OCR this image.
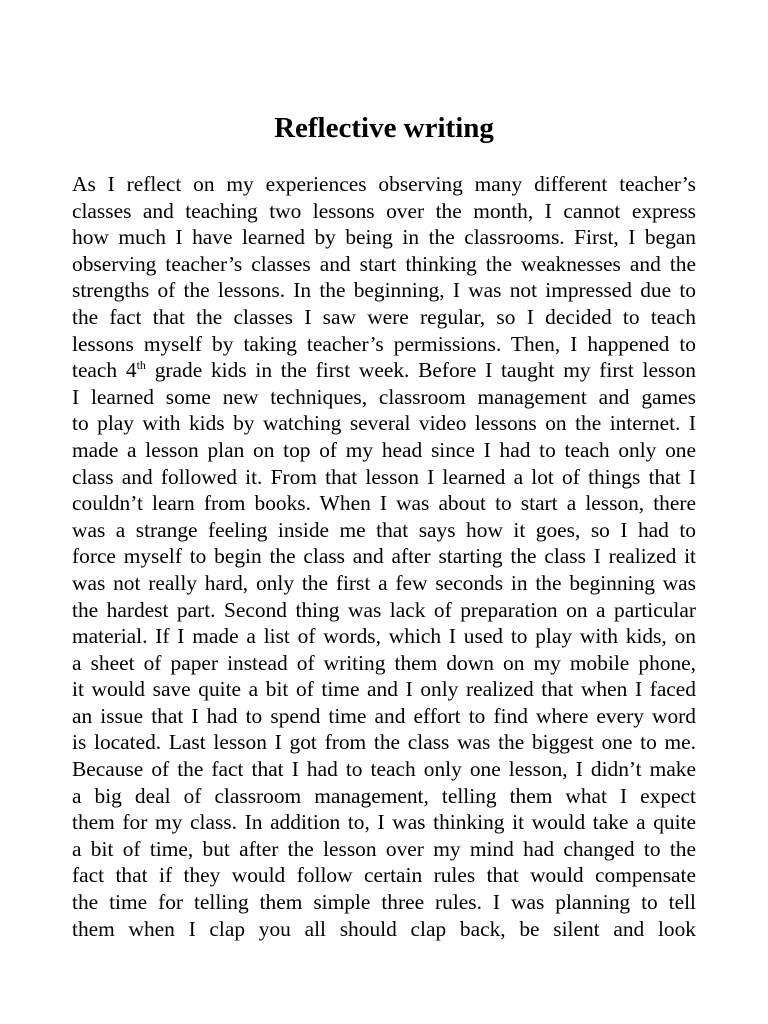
Reflective writing
As I reflect on my experiences observing many different teacher’s
classes and teaching two lessons over the month, I cannot express
how much I have learned by being in the classrooms. First, I began
observing teacher’s classes and start thinking the weaknesses and the
strengths of the lessons. In the beginning, I was not impressed due to
the fact that the classes I saw were regular, so I decided to teach
lessons myself by taking teacher’s permissions. Then, I happened to
teach 4th grade kids in the first week. Before I taught my first lesson
I learned some new techniques, classroom management and games
to play with kids by watching several video lessons on the internet. I
made a lesson plan on top of my head since I had to teach only one
class and followed it. From that lesson I learned a lot of things that I
couldn’t learn from books. When I was about to start a lesson, there
was a strange feeling inside me that says how it goes, so I had to
force myself to begin the class and after starting the class I realized it
was not really hard, only the first a few seconds in the beginning was
the hardest part. Second thing was lack of preparation on a particular
material. If I made a list of words, which I used to play with kids, on
a sheet of paper instead of writing them down on my mobile phone,
it would save quite a bit of time and I only realized that when I faced
an issue that I had to spend time and effort to find where every word
is located. Last lesson I got from the class was the biggest one to me.
Because of the fact that I had to teach only one lesson, I didn’t make
a big deal of classroom management, telling them what I expect
them for my class. In addition to, I was thinking it would take a quite
a bit of time, but after the lesson over my mind had changed to the
fact that if they would follow certain rules that would compensate
the time for telling them simple three rules. I was planning to tell
them when I clap you all should clap back, be silent and look
